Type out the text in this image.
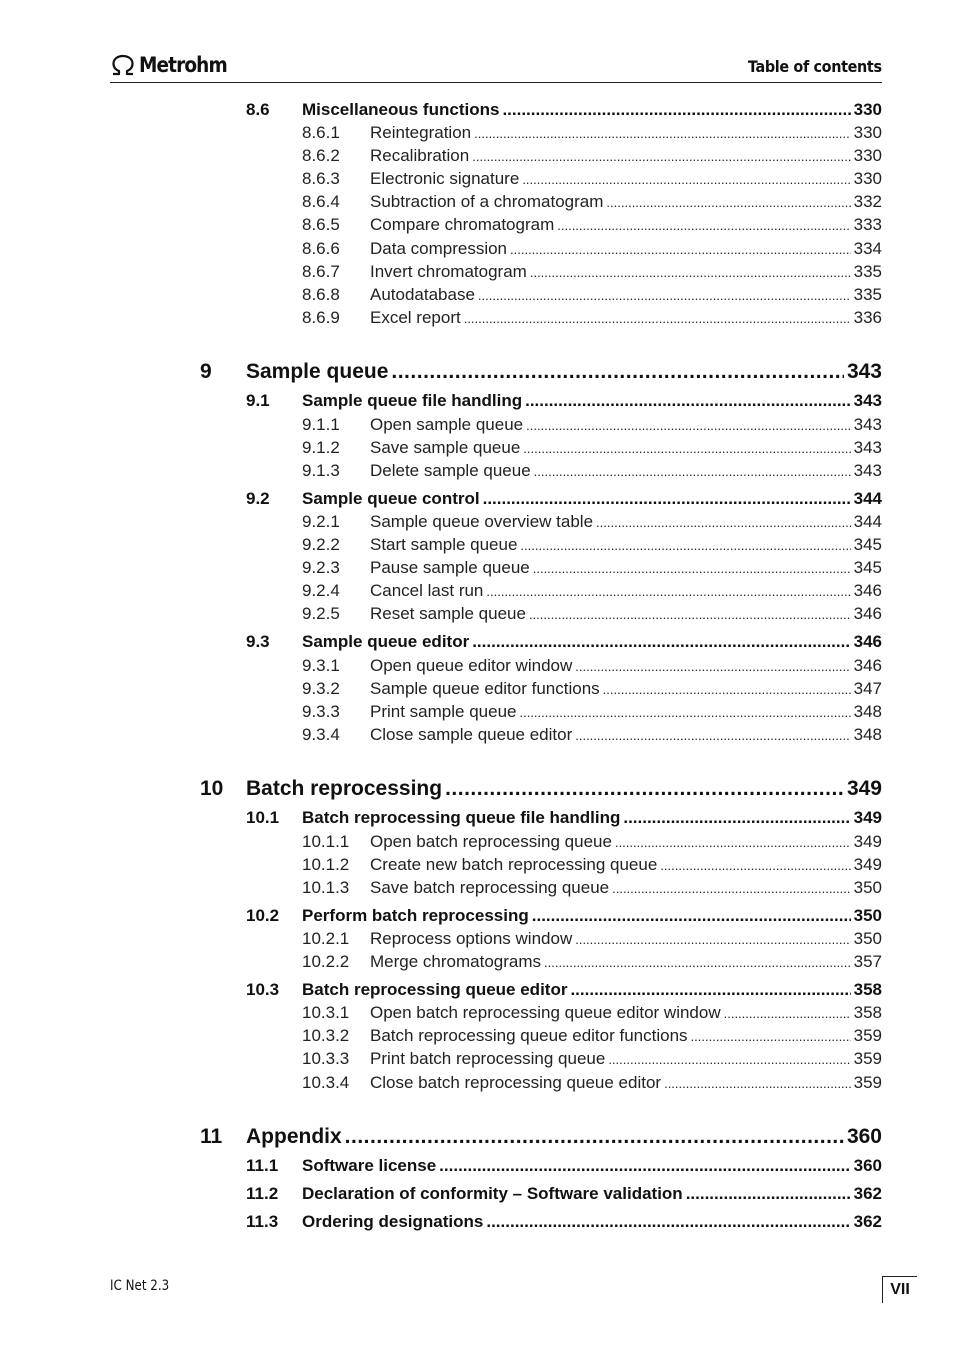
Metrohm	Table of contents
8.6	Miscellaneous functions .....	330
8.6.1	Reintegration .....	330
8.6.2	Recalibration .....	330
8.6.3	Electronic signature .....	330
8.6.4	Subtraction of a chromatogram .....	332
8.6.5	Compare chromatogram .....	333
8.6.6	Data compression .....	334
8.6.7	Invert chromatogram .....	335
8.6.8	Autodatabase .....	335
8.6.9	Excel report .....	336
9	Sample queue .....	343
9.1	Sample queue file handling .....	343
9.1.1	Open sample queue .....	343
9.1.2	Save sample queue .....	343
9.1.3	Delete sample queue .....	343
9.2	Sample queue control .....	344
9.2.1	Sample queue overview table .....	344
9.2.2	Start sample queue .....	345
9.2.3	Pause sample queue .....	345
9.2.4	Cancel last run .....	346
9.2.5	Reset sample queue .....	346
9.3	Sample queue editor .....	346
9.3.1	Open queue editor window .....	346
9.3.2	Sample queue editor functions .....	347
9.3.3	Print sample queue .....	348
9.3.4	Close sample queue editor .....	348
10	Batch reprocessing .....	349
10.1	Batch reprocessing queue file handling .....	349
10.1.1	Open batch reprocessing queue .....	349
10.1.2	Create new batch reprocessing queue .....	349
10.1.3	Save batch reprocessing queue .....	350
10.2	Perform batch reprocessing .....	350
10.2.1	Reprocess options window .....	350
10.2.2	Merge chromatograms .....	357
10.3	Batch reprocessing queue editor .....	358
10.3.1	Open batch reprocessing queue editor window .....	358
10.3.2	Batch reprocessing queue editor functions .....	359
10.3.3	Print batch reprocessing queue .....	359
10.3.4	Close batch reprocessing queue editor .....	359
11	Appendix .....	360
11.1	Software license .....	360
11.2	Declaration of conformity – Software validation .....	362
11.3	Ordering designations .....	362
IC Net 2.3	VII
